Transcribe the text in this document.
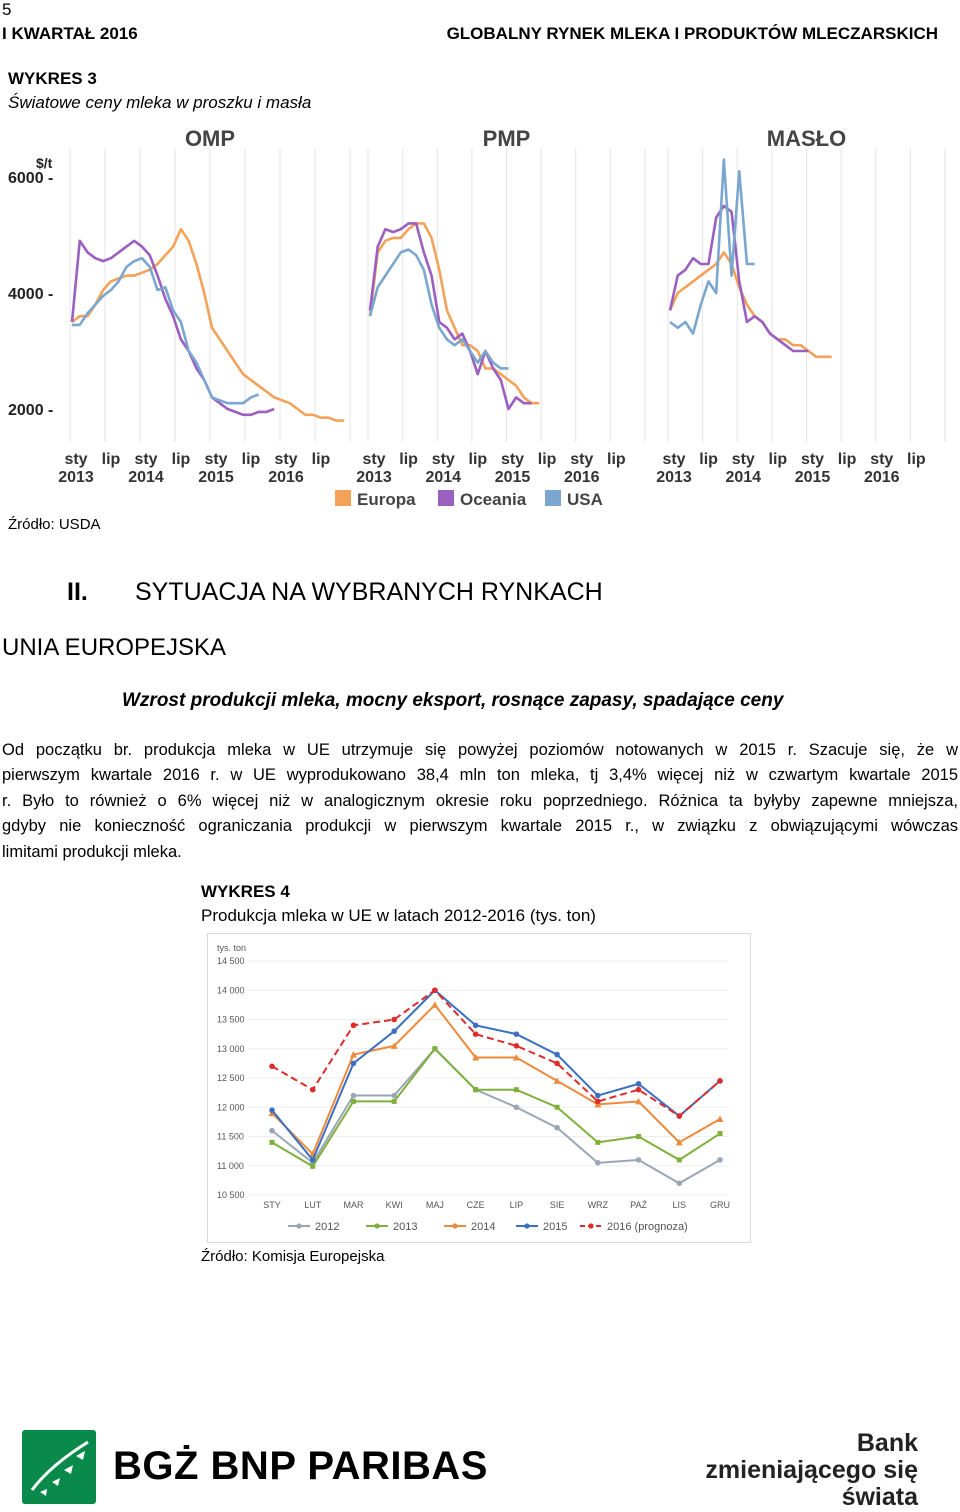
5
I KWARTAŁ 2016	GLOBALNY RYNEK MLEKA I PRODUKTÓW MLECZARSKICH
WYKRES 3
Światowe ceny mleka w proszku i masła
$/t
6000 -
4000 -
2000 -
OMP
sty
2013
lip sty
2014
lip sty
2015
lip sty
2016
lip
PMP
sty
2013
lip sty
2014
lip sty
2015
lip sty
2016
lip
MASŁO
sty
2013
lip sty
2014
lip sty
2015
lip sty
2016
lip
Europa	Oceania USA
Źródło: USDA
II. SYTUACJA NA WYBRANYCH RYNKACH
UNIA EUROPEJSKA
Wzrost produkcji mleka, mocny eksport, rosnące zapasy, spadające ceny
Od początku br. produkcja mleka w UE utrzymuje się powyżej poziomów notowanych w 2015 r. Szacuje się, że w
pierwszym kwartale 2016 r. w UE wyprodukowano 38,4 mln ton mleka, tj 3,4% więcej niż w czwartym kwartale 2015
r. Było to również o 6% więcej niż w analogicznym okresie roku poprzedniego. Różnica ta byłyby zapewne mniejsza,
gdyby nie konieczność ograniczania produkcji w pierwszym kwartale 2015 r., w związku z obwiązującymi wówczas
limitami produkcji mleka.
WYKRES 4
Produkcja mleka w UE w latach 2012-2016 (tys. ton)
tys. ton
14 500
14 000
13 500
13 000
12 500
12 000
11 500
11 000
10 500
STY	LUT MAR KWI	MAJ	CZE	LIP	SIE	WRZ PAŹ	LIS	GRU
2012	2013	2014	2015	2016 (prognoza)
Źródło: Komisja Europejska
BGŻ BNP PARIBAS
Bank
zmieniającego się
świata
